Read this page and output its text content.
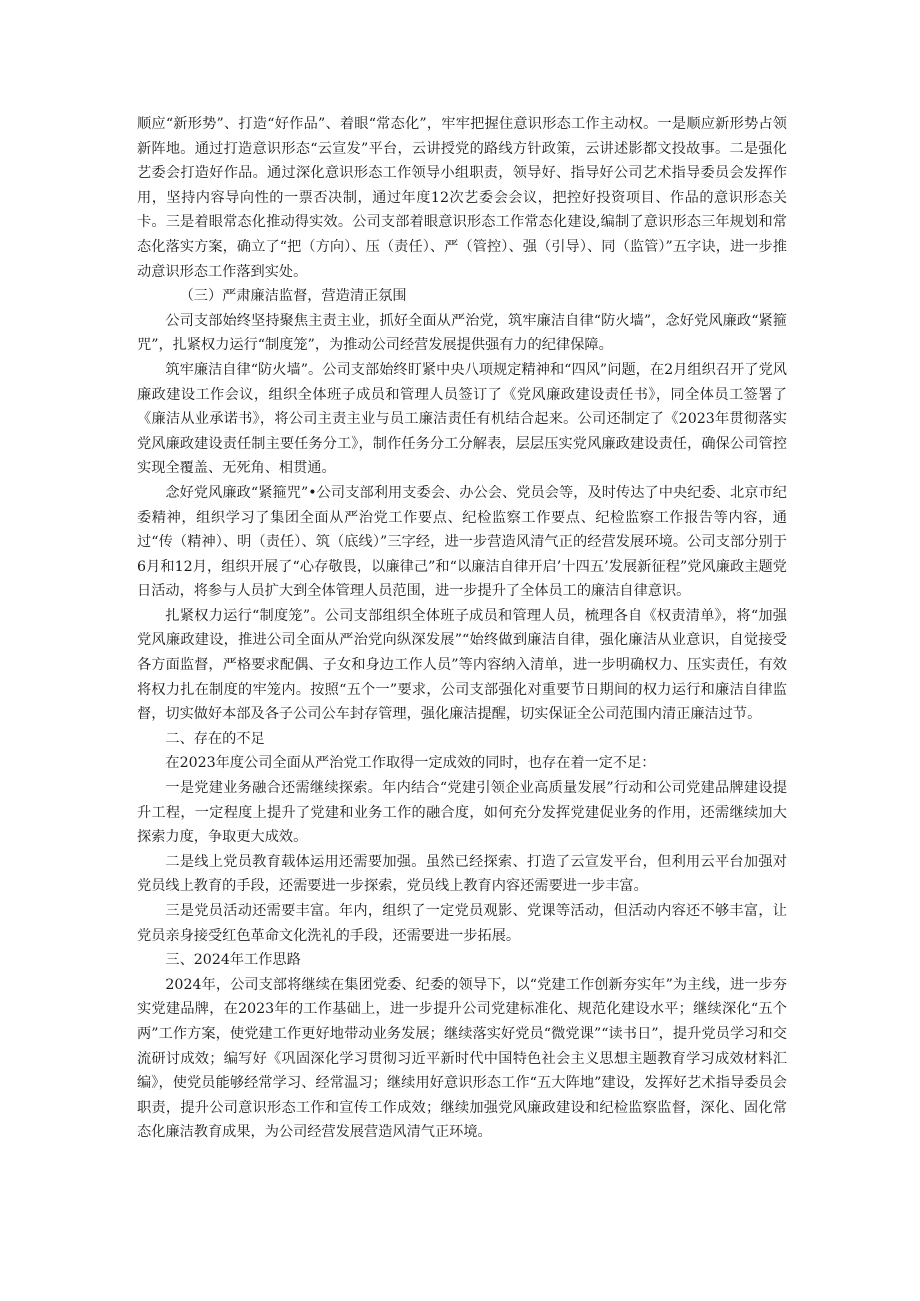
顺应“新形势”、打造“好作品”、着眼“常态化”，牢牢把握住意识形态工作主动权。一是顺应新形势占领新阵地。通过打造意识形态“云宣发”平台，云讲授党的路线方针政策，云讲述影都文投故事。二是强化艺委会打造好作品。通过深化意识形态工作领导小组职责，领导好、指导好公司艺术指导委员会发挥作用，坚持内容导向性的一票否决制，通过年度12次艺委会会议，把控好投资项目、作品的意识形态关卡。三是着眼常态化推动得实效。公司支部着眼意识形态工作常态化建设,编制了意识形态三年规划和常态化落实方案，确立了“把（方向）、压（责任）、严（管控）、强（引导）、同（监管）”五字诀，进一步推动意识形态工作落到实处。

（三）严肃廉洁监督，营造清正氛围

公司支部始终坚持聚焦主责主业，抓好全面从严治党，筑牢廉洁自律“防火墙”，念好党风廉政“紧箍咒”，扎紧权力运行“制度笼”，为推动公司经营发展提供强有力的纪律保障。

筑牢廉洁自律“防火墙”。公司支部始终盯紧中央八项规定精神和“四风”问题，在2月组织召开了党风廉政建设工作会议，组织全体班子成员和管理人员签订了《党风廉政建设责任书》，同全体员工签署了《廉洁从业承诺书》，将公司主责主业与员工廉洁责任有机结合起来。公司还制定了《2023年贯彻落实党风廉政建设责任制主要任务分工》，制作任务分工分解表，层层压实党风廉政建设责任，确保公司管控实现全覆盖、无死角、相贯通。

念好党风廉政“紧箍咒”•公司支部利用支委会、办公会、党员会等，及时传达了中央纪委、北京市纪委精神，组织学习了集团全面从严治党工作要点、纪检监察工作要点、纪检监察工作报告等内容，通过“传（精神）、明（责任）、筑（底线）”三字经，进一步营造风清气正的经营发展环境。公司支部分别于6月和12月，组织开展了“心存敬畏，以廉律己”和“以廉洁自律开启’十四五’发展新征程”党风廉政主题党日活动，将参与人员扩大到全体管理人员范围，进一步提升了全体员工的廉洁自律意识。

扎紧权力运行“制度笼”。公司支部组织全体班子成员和管理人员，梳理各自《权责清单》，将“加强党风廉政建设，推进公司全面从严治党向纵深发展”“始终做到廉洁自律，强化廉洁从业意识，自觉接受各方面监督，严格要求配偶、子女和身边工作人员”等内容纳入清单，进一步明确权力、压实责任，有效将权力扎在制度的牢笼内。按照“五个一”要求，公司支部强化对重要节日期间的权力运行和廉洁自律监督，切实做好本部及各子公司公车封存管理，强化廉洁提醒，切实保证全公司范围内清正廉洁过节。

二、存在的不足

在2023年度公司全面从严治党工作取得一定成效的同时，也存在着一定不足：

一是党建业务融合还需继续探索。年内结合“党建引领企业高质量发展”行动和公司党建品牌建设提升工程，一定程度上提升了党建和业务工作的融合度，如何充分发挥党建促业务的作用，还需继续加大探索力度，争取更大成效。

二是线上党员教育载体运用还需要加强。虽然已经探索、打造了云宣发平台，但利用云平台加强对党员线上教育的手段，还需要进一步探索，党员线上教育内容还需要进一步丰富。

三是党员活动还需要丰富。年内，组织了一定党员观影、党课等活动，但活动内容还不够丰富，让党员亲身接受红色革命文化洗礼的手段，还需要进一步拓展。

三、2024年工作思路

2024年，公司支部将继续在集团党委、纪委的领导下，以“党建工作创新夯实年”为主线，进一步夯实党建品牌，在2023年的工作基础上，进一步提升公司党建标准化、规范化建设水平；继续深化“五个两”工作方案，使党建工作更好地带动业务发展；继续落实好党员“微党课”“读书日”，提升党员学习和交流研讨成效；编写好《巩固深化学习贯彻习近平新时代中国特色社会主义思想主题教育学习成效材料汇编》，使党员能够经常学习、经常温习；继续用好意识形态工作“五大阵地”建设，发挥好艺术指导委员会职责，提升公司意识形态工作和宣传工作成效；继续加强党风廉政建设和纪检监察监督，深化、固化常态化廉洁教育成果，为公司经营发展营造风清气正环境。
